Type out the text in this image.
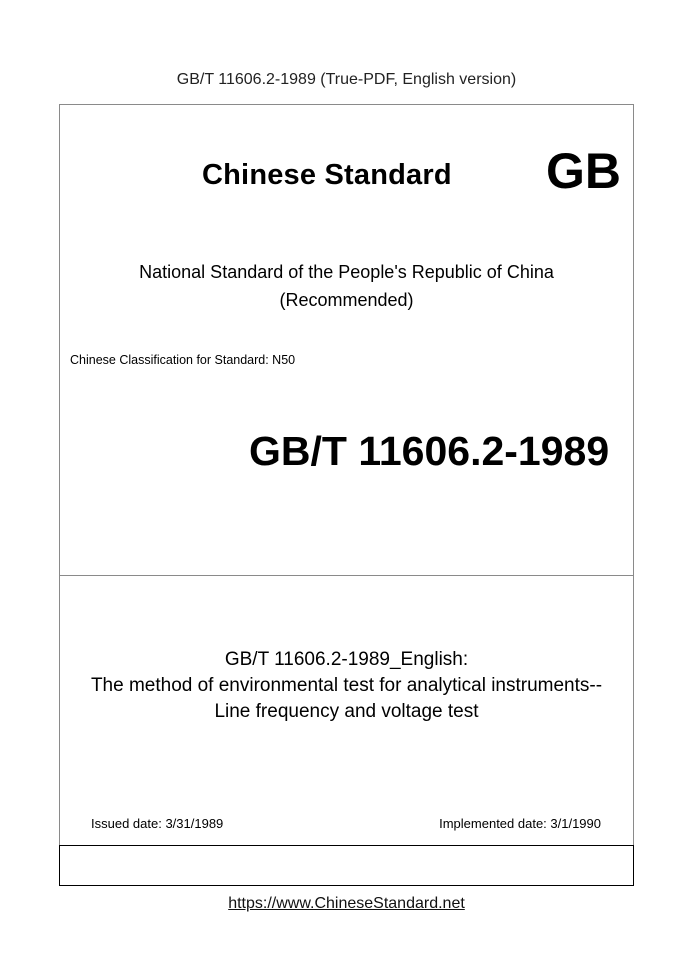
GB/T 11606.2-1989 (True-PDF, English version)
Chinese Standard GB
National Standard of the People's Republic of China
(Recommended)
Chinese Classification for Standard: N50
GB/T 11606.2-1989
GB/T 11606.2-1989_English:
The method of environmental test for analytical instruments--
Line frequency and voltage test
Issued date: 3/31/1989	Implemented date: 3/1/1990
https://www.ChineseStandard.net
